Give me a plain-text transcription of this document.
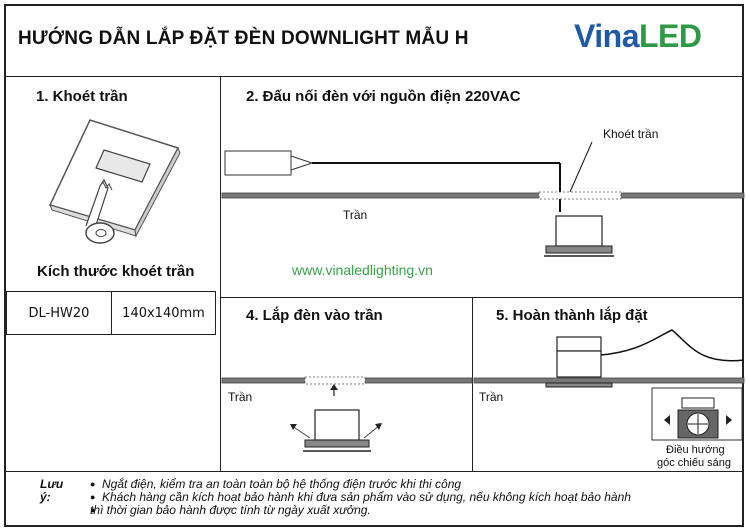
HƯỚNG DẪN LẮP ĐẶT ĐÈN DOWNLIGHT MẪU H	VinaLED
1. Khoét trần
Kích thước khoét trần
DL-HW20	140x140mm
2. Đấu nối đèn với nguồn điện 220VAC
Khoét trần
Trần
www.vinaledlighting.vn
4. Lắp đèn vào trần
Trần
5. Hoàn thành lắp đặt
Trần
Điều hướng
góc chiếu sáng
Lưu ý:
● Ngắt điện, kiểm tra an toàn toàn bộ hệ thống điện trước khi thi công
● Khách hàng cần kích hoạt bảo hành khi đưa sản phẩm vào sử dụng, nếu không kích hoạt bảo hành
● thì thời gian bảo hành được tính từ ngày xuất xưởng.
